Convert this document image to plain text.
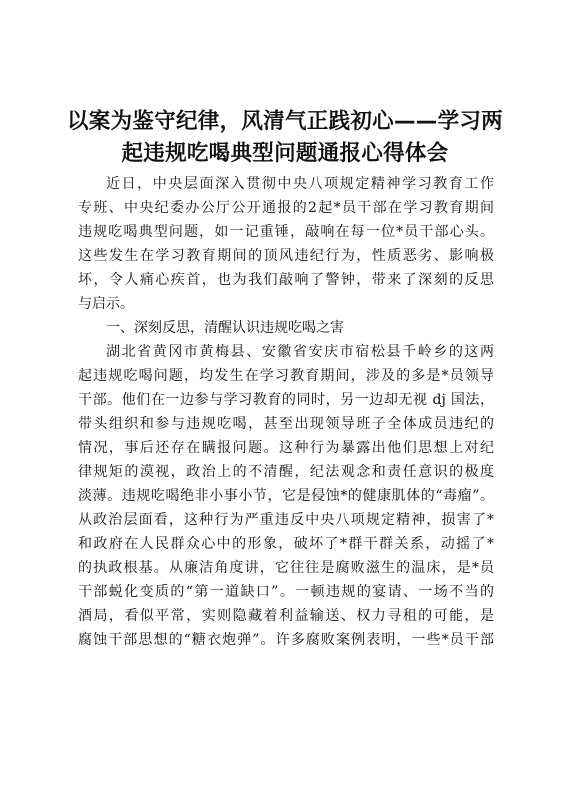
以案为鉴守纪律，风清气正践初心——学习两
起违规吃喝典型问题通报心得体会
近日，中央层面深入贯彻中央八项规定精神学习教育工作
专班、中央纪委办公厅公开通报的2起*员干部在学习教育期间
违规吃喝典型问题，如一记重锤，敲响在每一位*员干部心头。
这些发生在学习教育期间的顶风违纪行为，性质恶劣、影响极
坏，令人痛心疾首，也为我们敲响了警钟，带来了深刻的反思
与启示。
一、深刻反思，清醒认识违规吃喝之害
湖北省黄冈市黄梅县、安徽省安庆市宿松县千岭乡的这两
起违规吃喝问题，均发生在学习教育期间，涉及的多是*员领导
干部。他们在一边参与学习教育的同时，另一边却无视 dj 国法，
带头组织和参与违规吃喝，甚至出现领导班子全体成员违纪的
情况，事后还存在瞒报问题。这种行为暴露出他们思想上对纪
律规矩的漠视，政治上的不清醒，纪法观念和责任意识的极度
淡薄。违规吃喝绝非小事小节，它是侵蚀*的健康肌体的“毒瘤”。
从政治层面看，这种行为严重违反中央八项规定精神，损害了*
和政府在人民群众心中的形象，破坏了*群干群关系，动摇了*
的执政根基。从廉洁角度讲，它往往是腐败滋生的温床，是*员
干部蜕化变质的“第一道缺口”。一顿违规的宴请、一场不当的
酒局，看似平常，实则隐藏着利益输送、权力寻租的可能，是
腐蚀干部思想的“糖衣炮弹”。许多腐败案例表明，一些*员干部
